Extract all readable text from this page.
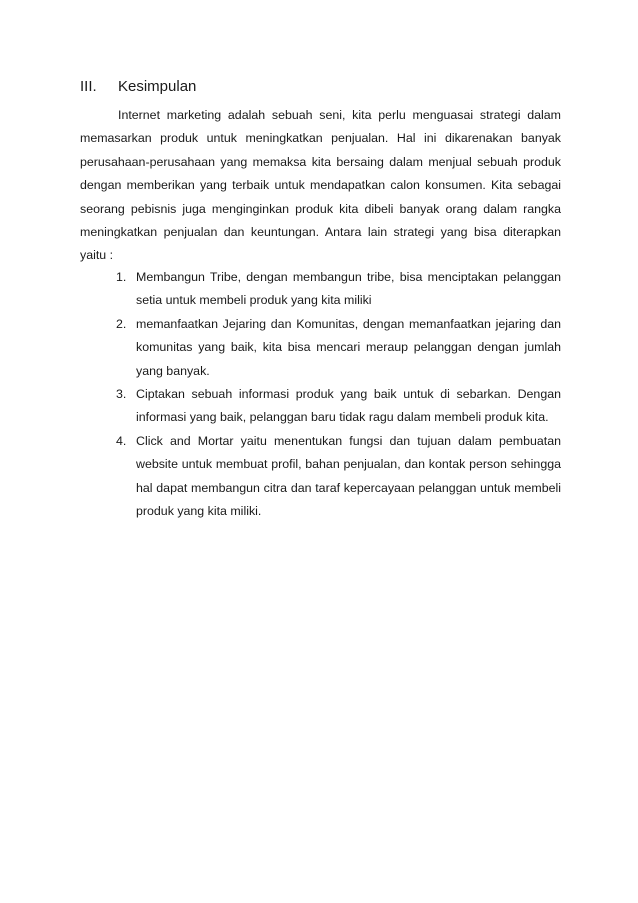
III. Kesimpulan

Internet marketing adalah sebuah seni, kita perlu menguasai strategi dalam memasarkan produk untuk meningkatkan penjualan. Hal ini dikarenakan banyak perusahaan-perusahaan yang memaksa kita bersaing dalam menjual sebuah produk dengan memberikan yang terbaik untuk mendapatkan calon konsumen. Kita sebagai seorang pebisnis juga menginginkan produk kita dibeli banyak orang dalam rangka meningkatkan penjualan dan keuntungan. Antara lain strategi yang bisa diterapkan yaitu :

1. Membangun Tribe, dengan membangun tribe, bisa menciptakan pelanggan setia untuk membeli produk yang kita miliki
2. memanfaatkan Jejaring dan Komunitas, dengan memanfaatkan jejaring dan komunitas yang baik, kita bisa mencari meraup pelanggan dengan jumlah yang banyak.
3. Ciptakan sebuah informasi produk yang baik untuk di sebarkan. Dengan informasi yang baik, pelanggan baru tidak ragu dalam membeli produk kita.
4. Click and Mortar yaitu menentukan fungsi dan tujuan dalam pembuatan website untuk membuat profil, bahan penjualan, dan kontak person sehingga hal dapat membangun citra dan taraf kepercayaan pelanggan untuk membeli produk yang kita miliki.
